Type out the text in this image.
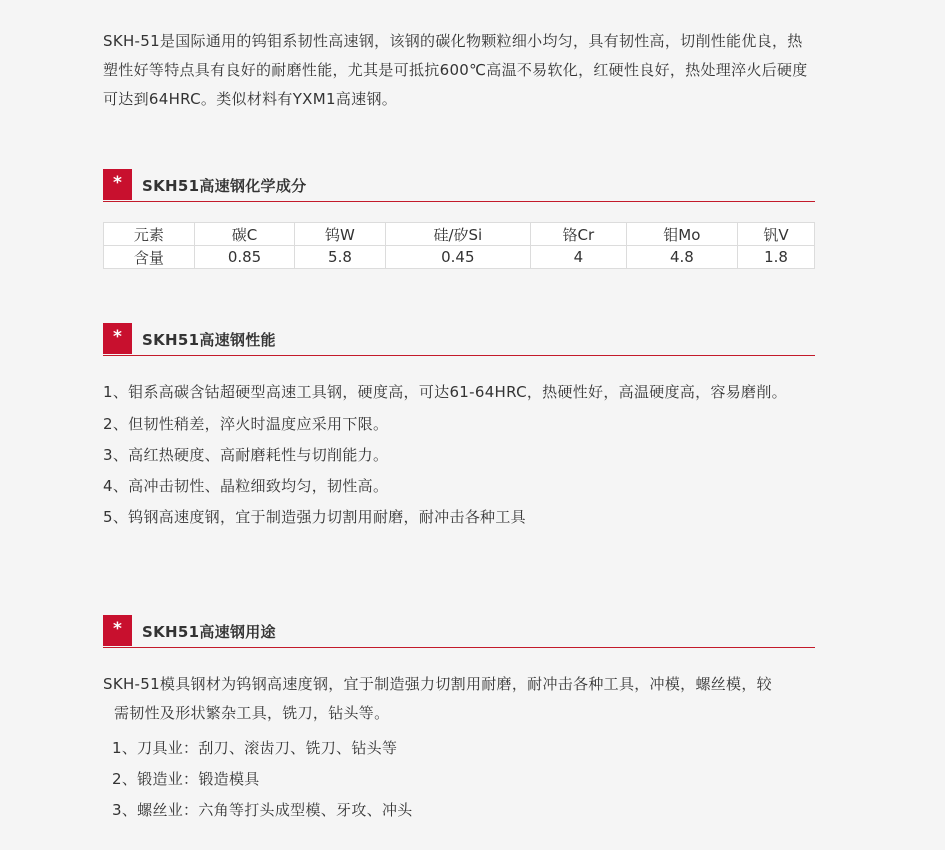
SKH-51是国际通用的钨钼系韧性高速钢，该钢的碳化物颗粒细小均匀，具有韧性高，切削性能优良，热塑性好等特点具有良好的耐磨性能，尤其是可抵抗600℃高温不易软化，红硬性良好，热处理淬火后硬度可达到64HRC。类似材料有YXM1高速钢。

*	SKH51高速钢化学成分
元素	碳C	钨W	硅/矽Si	铬Cr	钼Mo	钒V
含量	0.85	5.8	0.45	4	4.8	1.8
*	SKH51高速钢性能
1、钼系高碳含钴超硬型高速工具钢，硬度高，可达61-64HRC，热硬性好，高温硬度高，容易磨削。
2、但韧性稍差，淬火时温度应采用下限。
3、高红热硬度、高耐磨耗性与切削能力。
4、高冲击韧性、晶粒细致均匀，韧性高。
5、钨钢高速度钢，宜于制造强力切割用耐磨，耐冲击各种工具
*	SKH51高速钢用途

SKH-51模具钢材为钨钢高速度钢，宜于制造强力切割用耐磨，耐冲击各种工具，冲模，螺丝模，较
需韧性及形状繁杂工具，铣刀，钻头等。

1、刀具业：刮刀、滚齿刀、铣刀、钻头等
2、锻造业：锻造模具
3、螺丝业：六角等打头成型模、牙攻、冲头
